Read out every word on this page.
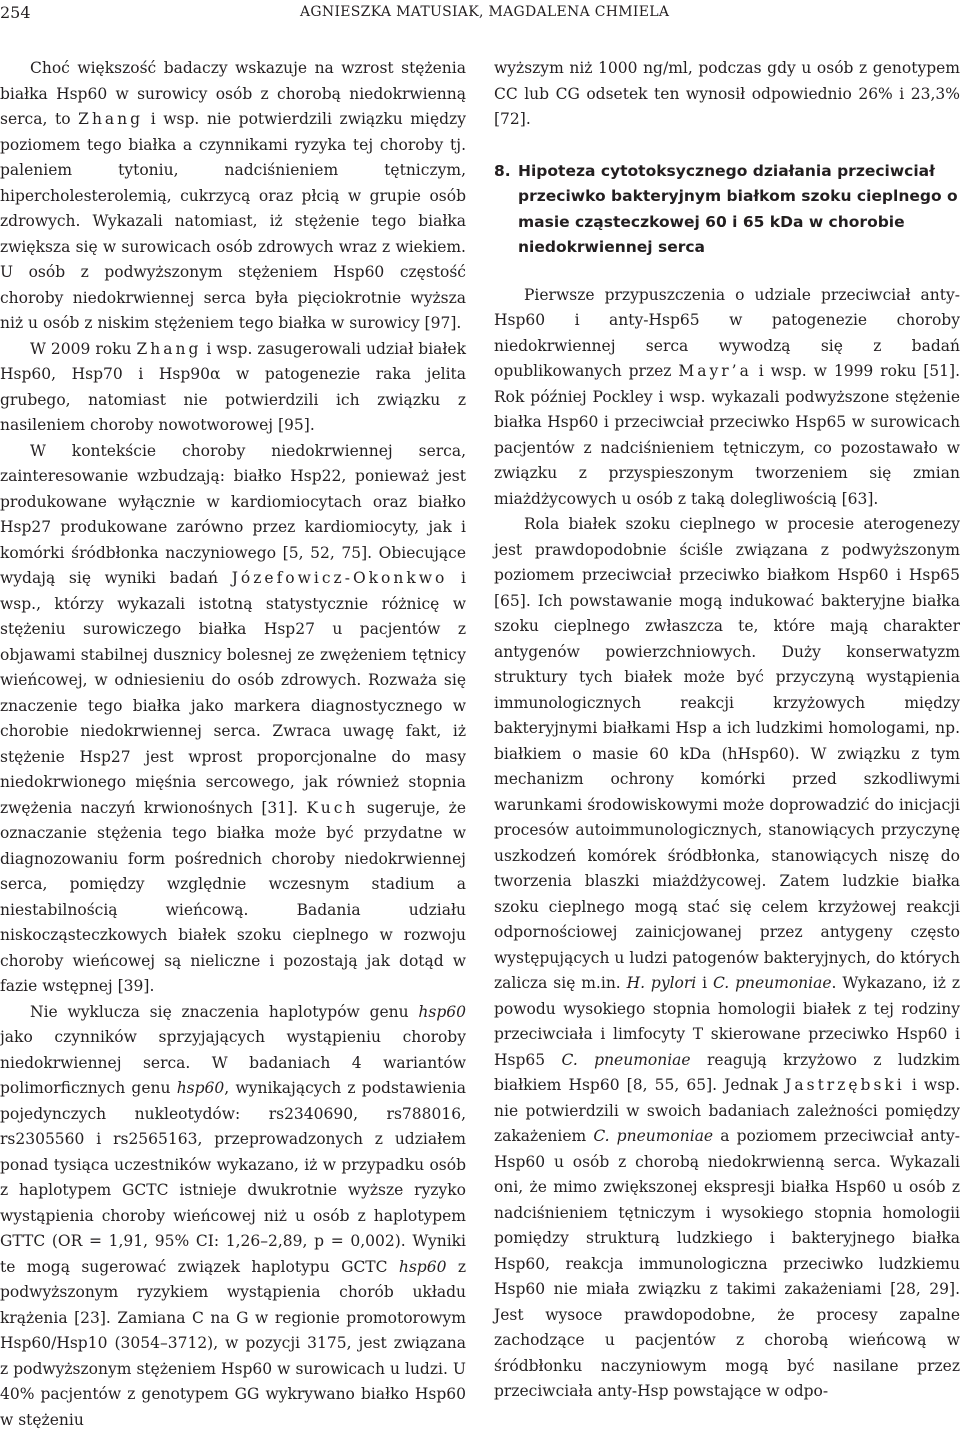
254	AGNIESZKA MATUSIAK, MAGDALENA CHMIELA

Choć większość badaczy wskazuje na wzrost stężenia białka Hsp60 w surowicy osób z chorobą niedokrwienną serca, to Zhang i wsp. nie potwierdzili związku między poziomem tego białka a czynnikami ryzyka tej choroby tj. paleniem tytoniu, nadciśnieniem tętniczym, hipercholesterolemią, cukrzycą oraz płcią w grupie osób zdrowych. Wykazali natomiast, iż stężenie tego białka zwiększa się w surowicach osób zdrowych wraz z wiekiem. U osób z podwyższonym stężeniem Hsp60 częstość choroby niedokrwiennej serca była pięciokrotnie wyższa niż u osób z niskim stężeniem tego białka w surowicy [97].

W 2009 roku Zhang i wsp. zasugerowali udział białek Hsp60, Hsp70 i Hsp90α w patogenezie raka jelita grubego, natomiast nie potwierdzili ich związku z nasileniem choroby nowotworowej [95].

W kontekście choroby niedokrwiennej serca, zainteresowanie wzbudzają: białko Hsp22, ponieważ jest produkowane wyłącznie w kardiomiocytach oraz białko Hsp27 produkowane zarówno przez kardiomiocyty, jak i komórki śródbłonka naczyniowego [5, 52, 75]. Obiecujące wydają się wyniki badań Józefowicz-Okonkwo i wsp., którzy wykazali istotną statystycznie różnicę w stężeniu surowiczego białka Hsp27 u pacjentów z objawami stabilnej dusznicy bolesnej ze zwężeniem tętnicy wieńcowej, w odniesieniu do osób zdrowych. Rozważa się znaczenie tego białka jako markera diagnostycznego w chorobie niedokrwiennej serca. Zwraca uwagę fakt, iż stężenie Hsp27 jest wprost proporcjonalne do masy niedokrwionego mięśnia sercowego, jak również stopnia zwężenia naczyń krwionośnych [31]. Kuch sugeruje, że oznaczanie stężenia tego białka może być przydatne w diagnozowaniu form pośrednich choroby niedokrwiennej serca, pomiędzy względnie wczesnym stadium a niestabilnością wieńcową. Badania udziału niskocząsteczkowych białek szoku cieplnego w rozwoju choroby wieńcowej są nieliczne i pozostają jak dotąd w fazie wstępnej [39].

Nie wyklucza się znaczenia haplotypów genu hsp60 jako czynników sprzyjających wystąpieniu choroby niedokrwiennej serca. W badaniach 4 wariantów polimorficznych genu hsp60, wynikających z podstawienia pojedynczych nukleotydów: rs2340690, rs788016, rs2305560 i rs2565163, przeprowadzonych z udziałem ponad tysiąca uczestników wykazano, iż w przypadku osób z haplotypem GCTC istnieje dwukrotnie wyższe ryzyko wystąpienia choroby wieńcowej niż u osób z haplotypem GTTC (OR = 1,91, 95% CI: 1,26–2,89, p = 0,002). Wyniki te mogą sugerować związek haplotypu GCTC hsp60 z podwyższonym ryzykiem wystąpienia chorób układu krążenia [23]. Zamiana C na G w regionie promotorowym Hsp60/Hsp10 (3054–3712), w pozycji 3175, jest związana z podwyższonym stężeniem Hsp60 w surowicach u ludzi. U 40% pacjentów z genotypem GG wykrywano białko Hsp60 w stężeniu

wyższym niż 1000 ng/ml, podczas gdy u osób z genotypem CC lub CG odsetek ten wynosił odpowiednio 26% i 23,3% [72].

8. Hipoteza cytotoksycznego działania przeciwciał przeciwko bakteryjnym białkom szoku cieplnego o masie cząsteczkowej 60 i 65 kDa w chorobie niedokrwiennej serca

Pierwsze przypuszczenia o udziale przeciwciał anty-Hsp60 i anty-Hsp65 w patogenezie choroby niedokrwiennej serca wywodzą się z badań opublikowanych przez Mayr’a i wsp. w 1999 roku [51]. Rok później Pockley i wsp. wykazali podwyższone stężenie białka Hsp60 i przeciwciał przeciwko Hsp65 w surowicach pacjentów z nadciśnieniem tętniczym, co pozostawało w związku z przyspieszonym tworzeniem się zmian miażdżycowych u osób z taką dolegliwością [63].

Rola białek szoku cieplnego w procesie aterogenezy jest prawdopodobnie ściśle związana z podwyższonym poziomem przeciwciał przeciwko białkom Hsp60 i Hsp65 [65]. Ich powstawanie mogą indukować bakteryjne białka szoku cieplnego zwłaszcza te, które mają charakter antygenów powierzchniowych. Duży konserwatyzm struktury tych białek może być przyczyną wystąpienia immunologicznych reakcji krzyżowych między bakteryjnymi białkami Hsp a ich ludzkimi homologami, np. białkiem o masie 60 kDa (hHsp60). W związku z tym mechanizm ochrony komórki przed szkodliwymi warunkami środowiskowymi może doprowadzić do inicjacji procesów autoimmunologicznych, stanowiących przyczynę uszkodzeń komórek śródbłonka, stanowiących niszę do tworzenia blaszki miażdżycowej. Zatem ludzkie białka szoku cieplnego mogą stać się celem krzyżowej reakcji odpornościowej zainicjowanej przez antygeny często występujących u ludzi patogenów bakteryjnych, do których zalicza się m.in. H. pylori i C. pneumoniae. Wykazano, iż z powodu wysokiego stopnia homologii białek z tej rodziny przeciwciała i limfocyty T skierowane przeciwko Hsp60 i Hsp65 C. pneumoniae reagują krzyżowo z ludzkim białkiem Hsp60 [8, 55, 65]. Jednak Jastrzębski i wsp. nie potwierdzili w swoich badaniach zależności pomiędzy zakażeniem C. pneumoniae a poziomem przeciwciał anty-Hsp60 u osób z chorobą niedokrwienną serca. Wykazali oni, że mimo zwiększonej ekspresji białka Hsp60 u osób z nadciśnieniem tętniczym i wysokiego stopnia homologii pomiędzy strukturą ludzkiego i bakteryjnego białka Hsp60, reakcja immunologiczna przeciwko ludzkiemu Hsp60 nie miała związku z takimi zakażeniami [28, 29]. Jest wysoce prawdopodobne, że procesy zapalne zachodzące u pacjentów z chorobą wieńcową w śródbłonku naczyniowym mogą być nasilane przez przeciwciała anty-Hsp powstające w odpo-
